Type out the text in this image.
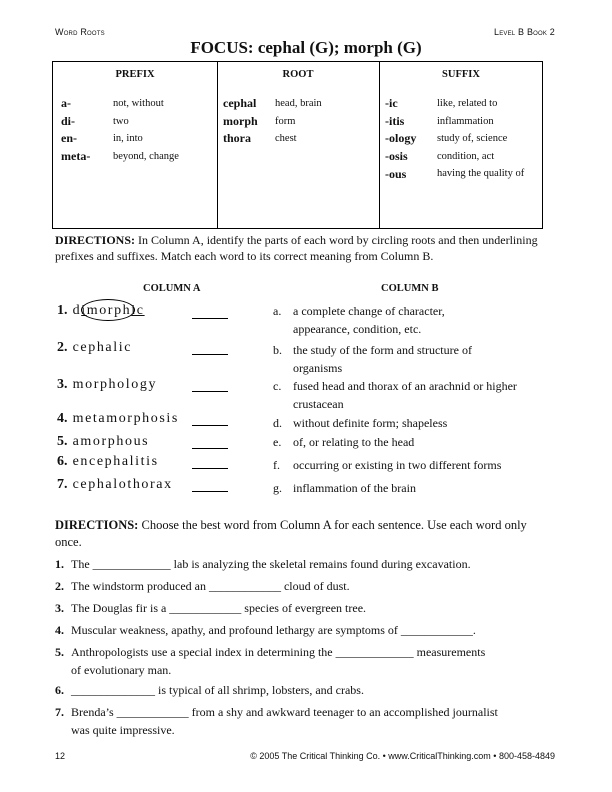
Word Roots	Level B Book 2
FOCUS: cephal (G); morph (G)
PREFIX	ROOT	SUFFIX
a-	not, without
di-	two
en-	in, into
meta-	beyond, change
cephal	head, brain
morph	form
thora	chest
-ic	like, related to
-itis	inflammation
-ology	study of, science
-osis	condition, act
-ous	having the quality of
DIRECTIONS: In Column A, identify the parts of each word by circling roots and then underlining prefixes and suffixes. Match each word to its correct meaning from Column B.
COLUMN A	COLUMN B
1. dimorph
ic
2. cephalic
3. morphology
4. metamorphosis
5. amorphous
6. encephalitis
7. cephalothorax
a. a complete change of character, appearance, condition, etc.
b. the study of the form and structure of organisms
c. fused head and thorax of an arachnid or higher crustacean
d. without definite form; shapeless
e. of, or relating to the head
f. occurring or existing in two different forms
g. inflammation of the brain
DIRECTIONS: Choose the best word from Column A for each sentence. Use each word only once.
1. The _____________ lab is analyzing the skeletal remains found during excavation.
2. The windstorm produced an ____________ cloud of dust.
3. The Douglas fir is a ____________ species of evergreen tree.
4. Muscular weakness, apathy, and profound lethargy are symptoms of ____________.
5. Anthropologists use a special index in determining the _____________ measurements of evolutionary man.
6. ______________ is typical of all shrimp, lobsters, and crabs.
7. Brenda’s ____________ from a shy and awkward teenager to an accomplished journalist was quite impressive.
12	© 2005 The Critical Thinking Co. • www.CriticalThinking.com • 800-458-4849
